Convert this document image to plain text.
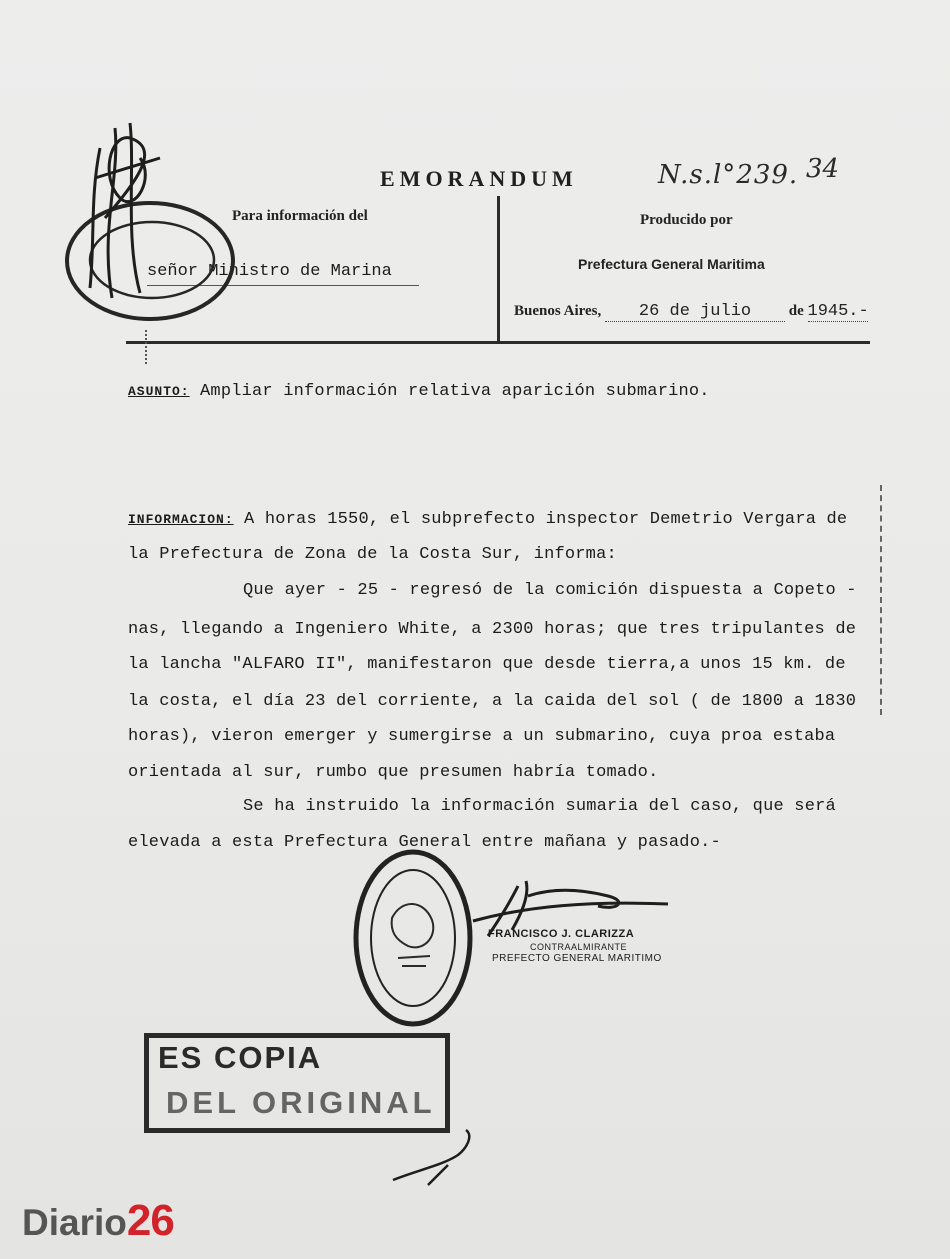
EMORANDUM	N.s.l°239. 34
Para información del
señor Ministro de Marina
Producido por
Prefectura General Maritima
Buenos Aires, 26 de julio	de 1945.-
ASUNTO: Ampliar información relativa aparición submarino.
INFORMACION: A horas 1550, el subprefecto inspector Demetrio Vergara de
la Prefectura de Zona de la Costa Sur, informa:
Que ayer - 25 - regresó de la comición dispuesta a Copeto -
nas, llegando a Ingeniero White, a 2300 horas; que tres tripulantes de
la lancha "ALFARO II", manifestaron que desde tierra,a unos 15 km. de
la costa, el día 23 del corriente, a la caida del sol ( de 1800 a 1830
horas), vieron emerger y sumergirse a un submarino, cuya proa estaba
orientada al sur, rumbo que presumen habría tomado.
Se ha instruido la información sumaria del caso, que será
elevada a esta Prefectura General entre mañana y pasado.-
FRANCISCO J. CLARIZZA
CONTRAALMIRANTE
PREFECTO GENERAL MARITIMO
ES COPIA
DEL ORIGINAL
Diario26
